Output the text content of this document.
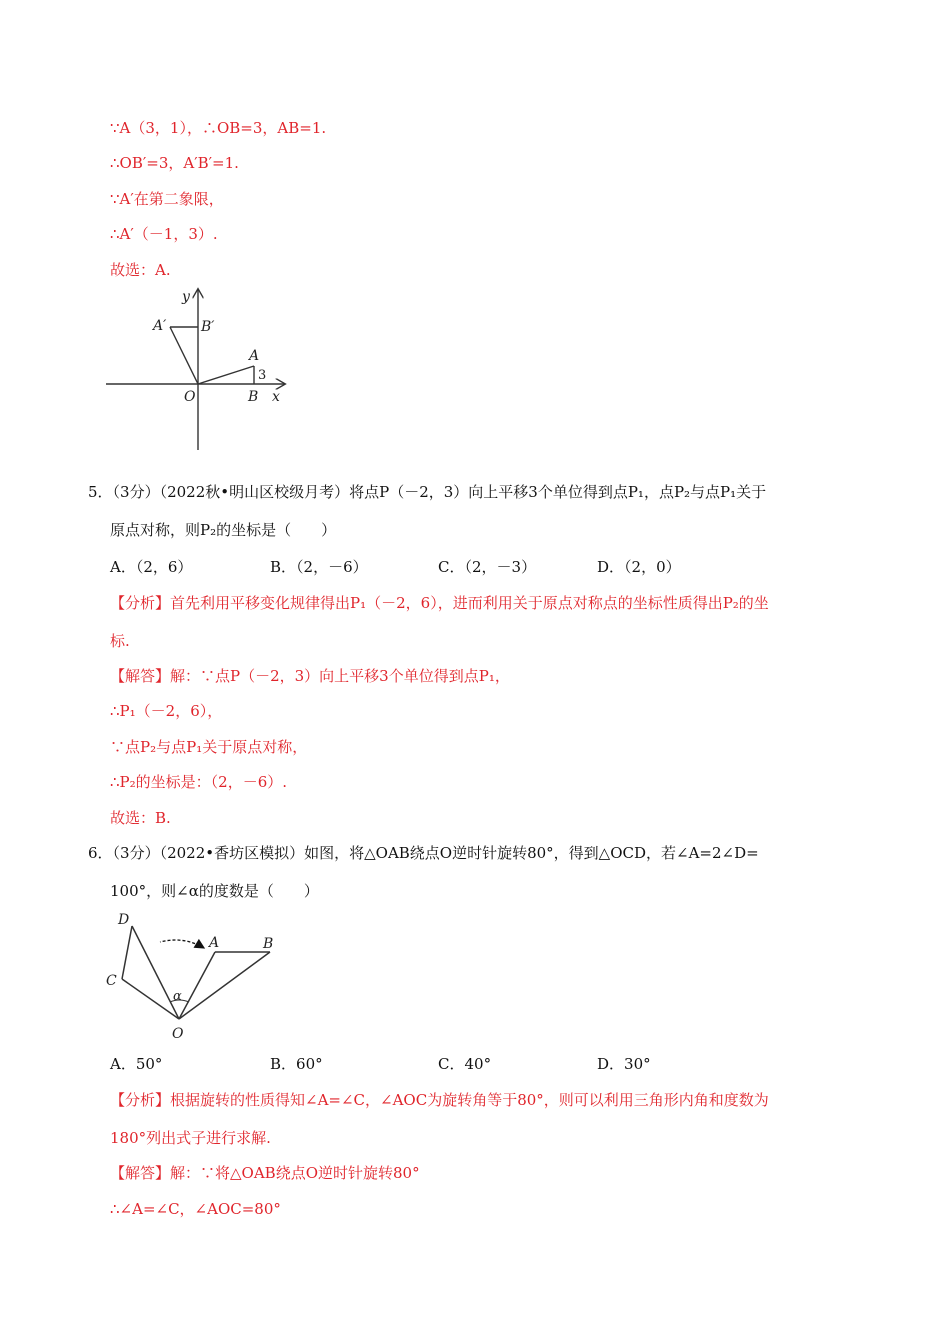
∵A（3，1），∴OB=3，AB=1.
∴OB′=3，A′B′=1.
∵A′在第二象限，
∴A′（－1，3）.
故选：A.
y
A′ B′
A
3
O	B x
5．（3分）（2022秋•明山区校级月考）将点P（－2，3）向上平移3个单位得到点P₁，点P₂与点P₁关于
原点对称，则P₂的坐标是（　　）
A．（2，6）	B．（2，－6）	C．（2，－3）	D．（2，0）
【分析】首先利用平移变化规律得出P₁（－2，6），进而利用关于原点对称点的坐标性质得出P₂的坐
标.
【解答】解：∵点P（－2，3）向上平移3个单位得到点P₁，
∴P₁（－2，6），
∵点P₂与点P₁关于原点对称，
∴P₂的坐标是：（2，－6）.
故选：B.
6．（3分）（2022•香坊区模拟）如图，将△OAB绕点O逆时针旋转80°，得到△OCD，若∠A=2∠D=
100°，则∠α的度数是（　　）
D
A	B
C
α
O
A．50°	B．60°	C．40°	D．30°
【分析】根据旋转的性质得知∠A=∠C，∠AOC为旋转角等于80°，则可以利用三角形内角和度数为
180°列出式子进行求解.
【解答】解：∵将△OAB绕点O逆时针旋转80°
∴∠A=∠C，∠AOC=80°
